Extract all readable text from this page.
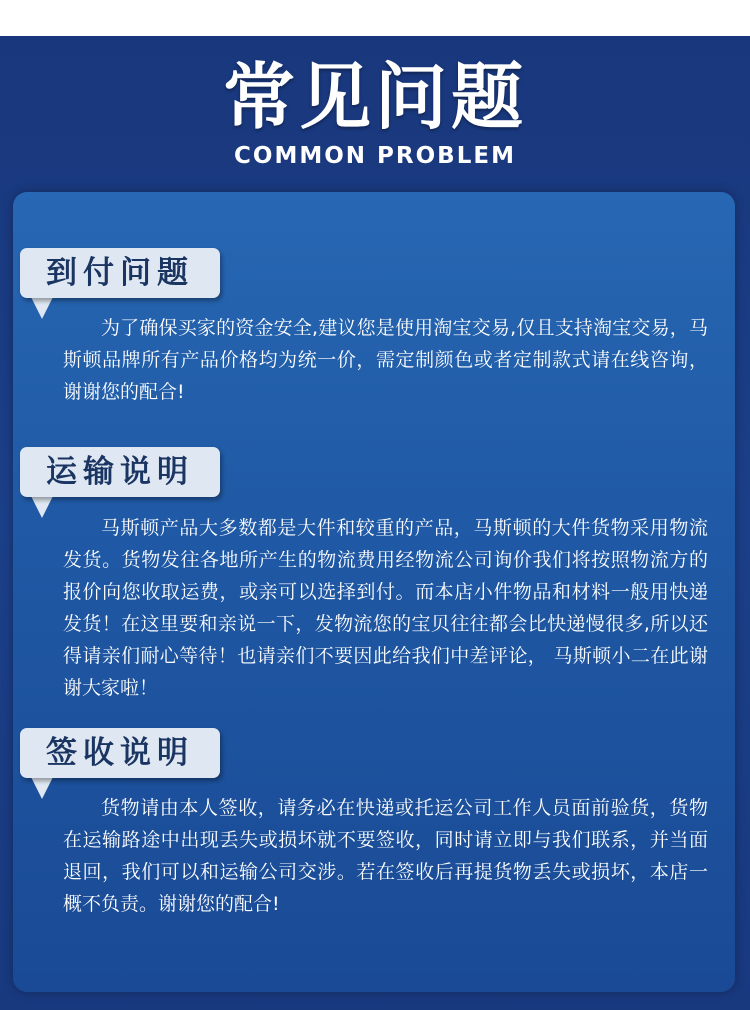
常见问题
COMMON PROBLEM
到付问题
为了确保买家的资金安全,建议您是使用淘宝交易,仅且支持淘宝交易，马斯顿品牌所有产品价格均为统一价，需定制颜色或者定制款式请在线咨询，谢谢您的配合!
运输说明
马斯顿产品大多数都是大件和较重的产品，马斯顿的大件货物采用物流发货。货物发往各地所产生的物流费用经物流公司询价我们将按照物流方的报价向您收取运费，或亲可以选择到付。而本店小件物品和材料一般用快递发货！在这里要和亲说一下，发物流您的宝贝往往都会比快递慢很多,所以还得请亲们耐心等待！也请亲们不要因此给我们中差评论， 马斯顿小二在此谢谢大家啦！
签收说明
货物请由本人签收，请务必在快递或托运公司工作人员面前验货，货物在运输路途中出现丢失或损坏就不要签收，同时请立即与我们联系，并当面退回，我们可以和运输公司交涉。若在签收后再提货物丢失或损坏，本店一概不负责。谢谢您的配合!
